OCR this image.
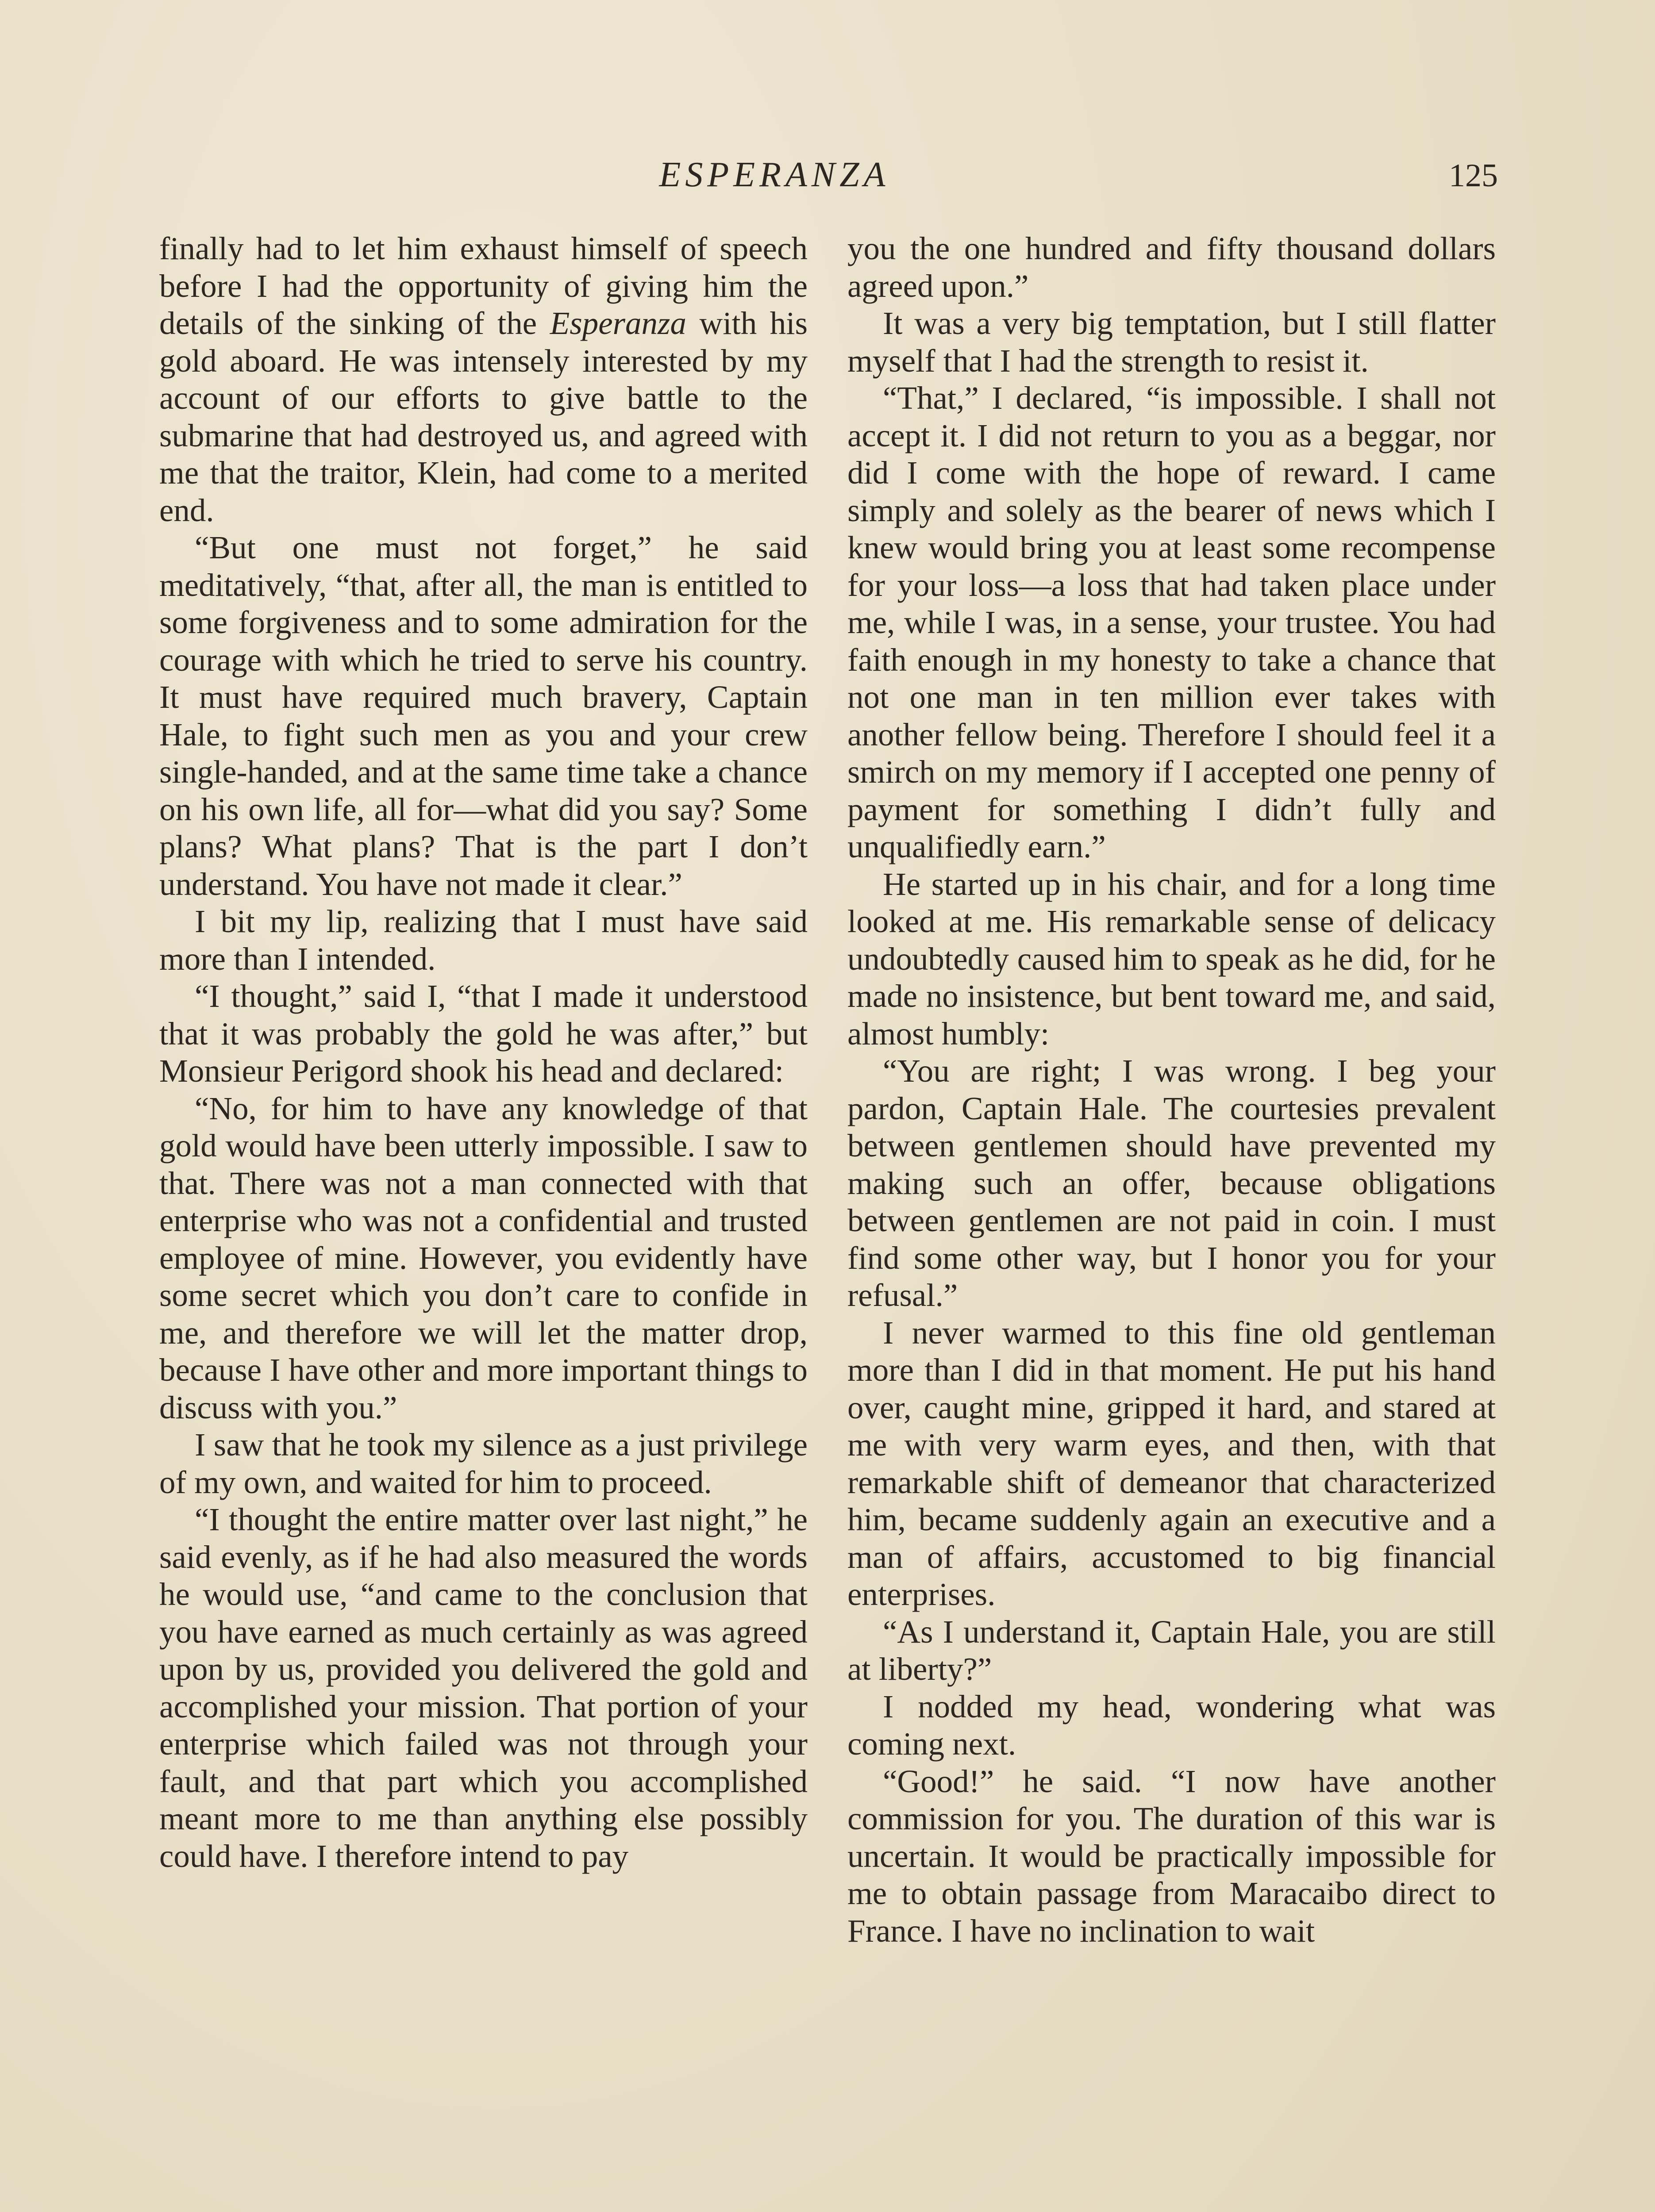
ESPERANZA	125

finally had to let him exhaust himself of speech before I had the opportunity of giving him the details of the sinking of the Esperanza with his gold aboard. He was intensely interested by my account of our efforts to give battle to the submarine that had destroyed us, and agreed with me that the traitor, Klein, had come to a merited end.

“But one must not forget,” he said meditatively, “that, after all, the man is entitled to some forgiveness and to some admiration for the courage with which he tried to serve his country. It must have required much bravery, Captain Hale, to fight such men as you and your crew single-handed, and at the same time take a chance on his own life, all for—what did you say? Some plans? What plans? That is the part I don’t understand. You have not made it clear.”

I bit my lip, realizing that I must have said more than I intended.

“I thought,” said I, “that I made it understood that it was probably the gold he was after,” but Monsieur Perigord shook his head and declared:

“No, for him to have any knowledge of that gold would have been utterly impossible. I saw to that. There was not a man connected with that enterprise who was not a confidential and trusted employee of mine. However, you evidently have some secret which you don’t care to confide in me, and therefore we will let the matter drop, because I have other and more important things to discuss with you.”

I saw that he took my silence as a just privilege of my own, and waited for him to proceed.

“I thought the entire matter over last night,” he said evenly, as if he had also measured the words he would use, “and came to the conclusion that you have earned as much certainly as was agreed upon by us, provided you delivered the gold and accomplished your mission. That portion of your enterprise which failed was not through your fault, and that part which you accomplished meant more to me than anything else possibly could have. I therefore intend to pay

you the one hundred and fifty thousand dollars agreed upon.”

It was a very big temptation, but I still flatter myself that I had the strength to resist it.

“That,” I declared, “is impossible. I shall not accept it. I did not return to you as a beggar, nor did I come with the hope of reward. I came simply and solely as the bearer of news which I knew would bring you at least some recompense for your loss—a loss that had taken place under me, while I was, in a sense, your trustee. You had faith enough in my honesty to take a chance that not one man in ten million ever takes with another fellow being. Therefore I should feel it a smirch on my memory if I accepted one penny of payment for something I didn’t fully and unqualifiedly earn.”

He started up in his chair, and for a long time looked at me. His remarkable sense of delicacy undoubtedly caused him to speak as he did, for he made no insistence, but bent toward me, and said, almost humbly:

“You are right; I was wrong. I beg your pardon, Captain Hale. The courtesies prevalent between gentlemen should have prevented my making such an offer, because obligations between gentlemen are not paid in coin. I must find some other way, but I honor you for your refusal.”

I never warmed to this fine old gentleman more than I did in that moment. He put his hand over, caught mine, gripped it hard, and stared at me with very warm eyes, and then, with that remarkable shift of demeanor that characterized him, became suddenly again an executive and a man of affairs, accustomed to big financial enterprises.

“As I understand it, Captain Hale, you are still at liberty?”

I nodded my head, wondering what was coming next.

“Good!” he said. “I now have another commission for you. The duration of this war is uncertain. It would be practically impossible for me to obtain passage from Maracaibo direct to France. I have no inclination to wait
